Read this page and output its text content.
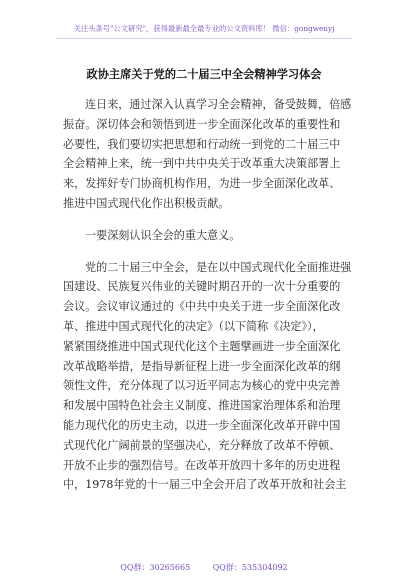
关注头条号"公文研究"，获得最新最全最专业的公文资料库！ 微信：gongwenyj
政协主席关于党的二十届三中全会精神学习体会

连日来，通过深入认真学习全会精神，备受鼓舞，倍感
振奋。深切体会和领悟到进一步全面深化改革的重要性和
必要性，我们要切实把思想和行动统一到党的二十届三中
全会精神上来，统一到中共中央关于改革重大决策部署上
来，发挥好专门协商机构作用，为进一步全面深化改革、
推进中国式现代化作出积极贡献。

一要深刻认识全会的重大意义。

党的二十届三中全会，是在以中国式现代化全面推进强
国建设、民族复兴伟业的关键时期召开的一次十分重要的
会议。会议审议通过的《中共中央关于进一步全面深化改
革、推进中国式现代化的决定》（以下简称《决定》），
紧紧围绕推进中国式现代化这个主题擘画进一步全面深化
改革战略举措，是指导新征程上进一步全面深化改革的纲
领性文件，充分体现了以习近平同志为核心的党中央完善
和发展中国特色社会主义制度、推进国家治理体系和治理
能力现代化的历史主动，以进一步全面深化改革开辟中国
式现代化广阔前景的坚强决心，充分释放了改革不停顿、
开放不止步的强烈信号。在改革开放四十多年的历史进程
中，1978年党的十一届三中全会开启了改革开放和社会主

QQ群：30265665	QQ群：535304092
